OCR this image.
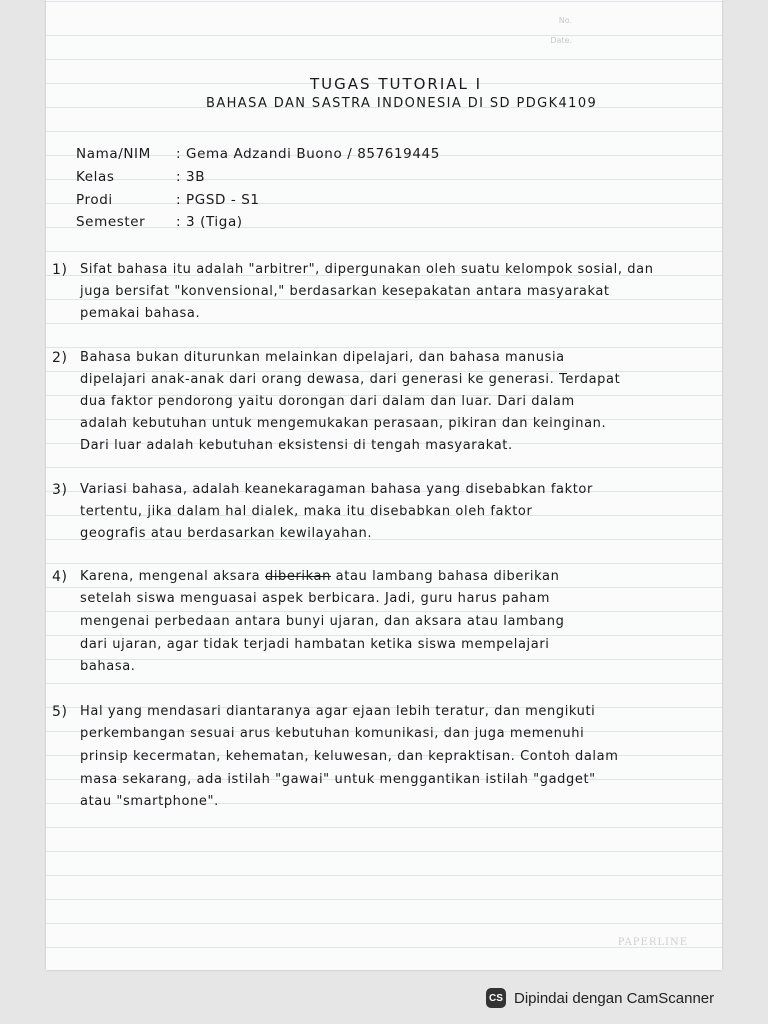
No.
Date.
TUGAS TUTORIAL I
BAHASA DAN SASTRA INDONESIA DI SD PDGK4109
Nama/NIM : Gema Adzandi Buono / 857619445
Kelas	: 3B
Prodi	: PGSD - S1
Semester : 3 (Tiga)
1) Sifat bahasa itu adalah "arbitrer", dipergunakan oleh suatu kelompok sosial, dan
juga bersifat "konvensional," berdasarkan kesepakatan antara masyarakat
pemakai bahasa.
2) Bahasa bukan diturunkan melainkan dipelajari, dan bahasa manusia
dipelajari anak-anak dari orang dewasa, dari generasi ke generasi. Terdapat
dua faktor pendorong yaitu dorongan dari dalam dan luar. Dari dalam
adalah kebutuhan untuk mengemukakan perasaan, pikiran dan keinginan.
Dari luar adalah kebutuhan eksistensi di tengah masyarakat.
3) Variasi bahasa, adalah keanekaragaman bahasa yang disebabkan faktor
tertentu, jika dalam hal dialek, maka itu disebabkan oleh faktor
geografis atau berdasarkan kewilayahan.
4) Karena, mengenal aksara diberikan atau lambang bahasa diberikan
setelah siswa menguasai aspek berbicara. Jadi, guru harus paham
mengenai perbedaan antara bunyi ujaran, dan aksara atau lambang
dari ujaran, agar tidak terjadi hambatan ketika siswa mempelajari
bahasa.
5) Hal yang mendasari diantaranya agar ejaan lebih teratur, dan mengikuti
perkembangan sesuai arus kebutuhan komunikasi, dan juga memenuhi
prinsip kecermatan, kehematan, keluwesan, dan kepraktisan. Contoh dalam
masa sekarang, ada istilah "gawai" untuk menggantikan istilah "gadget"
atau "smartphone".
PAPERLINE
CS Dipindai dengan CamScanner
